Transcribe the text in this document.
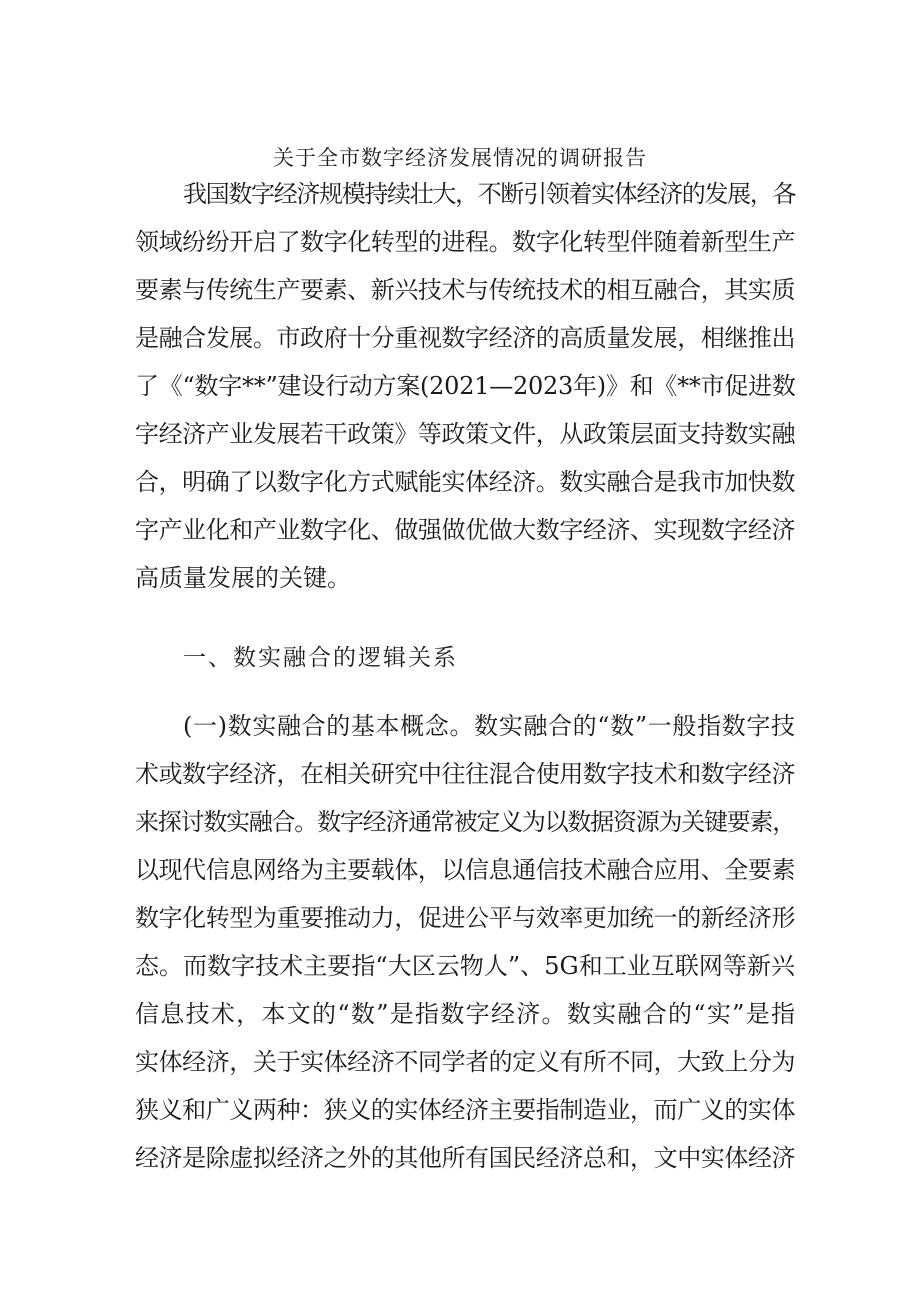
关于全市数字经济发展情况的调研报告
我国数字经济规模持续壮大，不断引领着实体经济的发展，各
领域纷纷开启了数字化转型的进程。数字化转型伴随着新型生产
要素与传统生产要素、新兴技术与传统技术的相互融合，其实质
是融合发展。市政府十分重视数字经济的高质量发展，相继推出
了《“数字**”建设行动方案(2021—2023年)》和《**市促进数
字经济产业发展若干政策》等政策文件，从政策层面支持数实融
合，明确了以数字化方式赋能实体经济。数实融合是我市加快数
字产业化和产业数字化、做强做优做大数字经济、实现数字经济
高质量发展的关键。
一、数实融合的逻辑关系
(一)数实融合的基本概念。数实融合的“数”一般指数字技
术或数字经济，在相关研究中往往混合使用数字技术和数字经济
来探讨数实融合。数字经济通常被定义为以数据资源为关键要素，
以现代信息网络为主要载体，以信息通信技术融合应用、全要素
数字化转型为重要推动力，促进公平与效率更加统一的新经济形
态。而数字技术主要指“大区云物人”、5G和工业互联网等新兴
信息技术，本文的“数”是指数字经济。数实融合的“实”是指
实体经济，关于实体经济不同学者的定义有所不同，大致上分为
狭义和广义两种：狭义的实体经济主要指制造业，而广义的实体
经济是除虚拟经济之外的其他所有国民经济总和，文中实体经济
